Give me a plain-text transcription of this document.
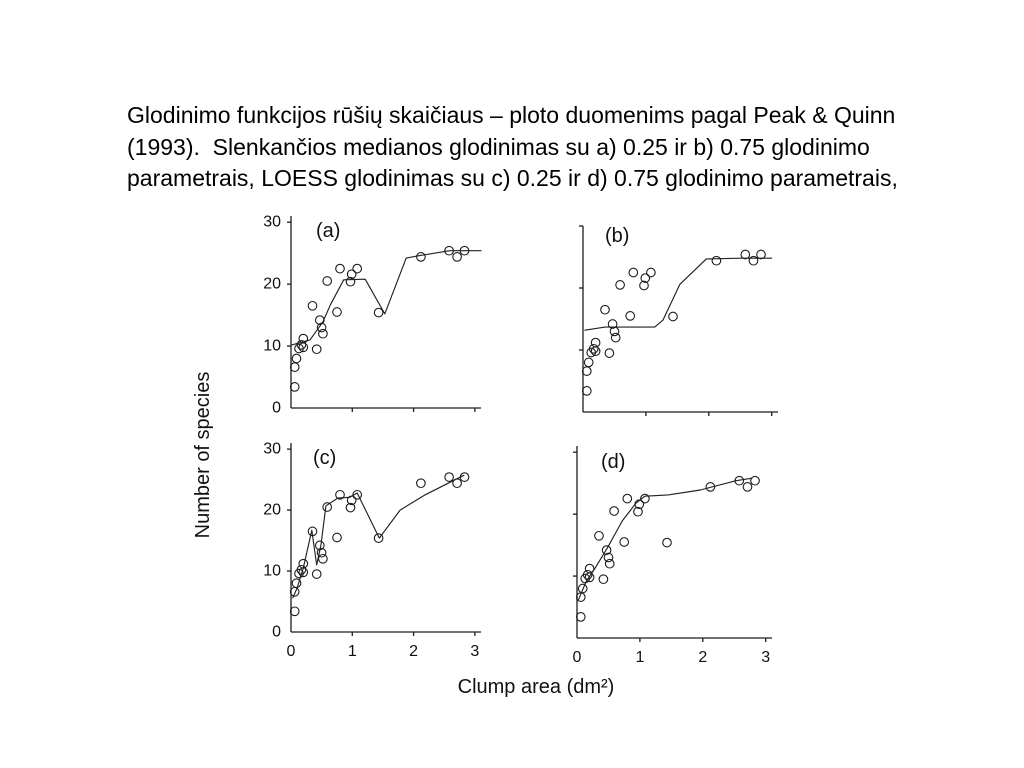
Glodinimo funkcijos rūšių skaičiaus – ploto duomenims pagal Peak & Quinn
(1993).  Slenkančios medianos glodinimas su a) 0.25 ir b) 0.75 glodinimo
parametrais, LOESS glodinimas su c) 0.25 ir d) 0.75 glodinimo parametrais,
Number of species
Clump area (dm²)
0
10
20
30 (a)	(b)
0
10
20
30
0	1	2	3
(c)
0	1	2	3
(d)
